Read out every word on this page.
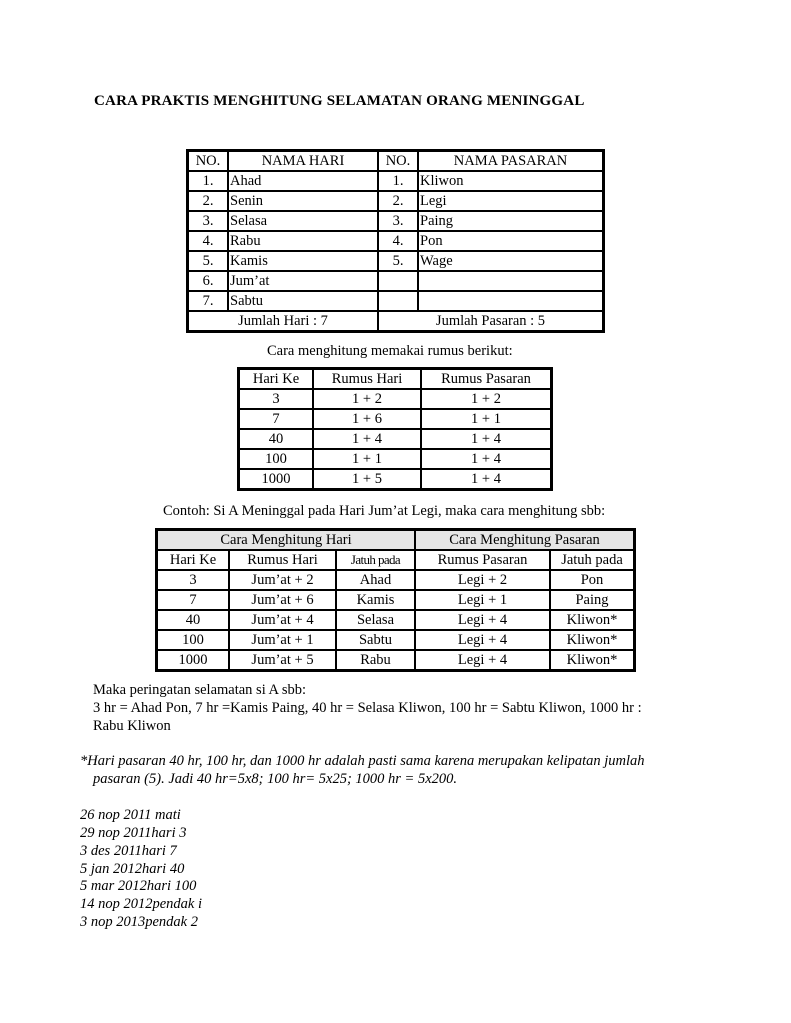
CARA PRAKTIS MENGHITUNG SELAMATAN ORANG MENINGGAL
NO.	NAMA HARI	NO.	NAMA PASARAN
1.	Ahad	1.	Kliwon
2.	Senin	2.	Legi
3.	Selasa	3.	Paing
4.	Rabu	4.	Pon
5.	Kamis	5.	Wage
6.	Jum’at		
7.	Sabtu		
Jumlah Hari : 7		Jumlah Pasaran : 5	

Cara menghitung memakai rumus berikut:

Hari Ke	Rumus Hari	Rumus Pasaran
3	1 + 2	1 + 2
7	1 + 6	1 + 1
40	1 + 4	1 + 4
100	1 + 1	1 + 4
1000	1 + 5	1 + 4

Contoh: Si A Meninggal pada Hari Jum’at Legi, maka cara menghitung sbb:

Cara Menghitung Hari			Cara Menghitung Pasaran	
Hari Ke	Rumus Hari	Jatuh pada	Rumus Pasaran	Jatuh pada
3	Jum’at + 2	Ahad	Legi + 2	Pon
7	Jum’at + 6	Kamis	Legi + 1	Paing
40	Jum’at + 4	Selasa	Legi + 4	Kliwon*
100	Jum’at + 1	Sabtu	Legi + 4	Kliwon*
1000	Jum’at + 5	Rabu	Legi + 4	Kliwon*

Maka peringatan selamatan si A sbb:

3 hr = Ahad Pon, 7 hr =Kamis Paing, 40 hr = Selasa Kliwon, 100 hr = Sabtu Kliwon, 1000 hr :

Rabu Kliwon

*Hari pasaran 40 hr, 100 hr, dan 1000 hr adalah pasti sama karena merupakan kelipatan jumlah

pasaran (5). Jadi 40 hr=5x8; 100 hr= 5x25; 1000 hr = 5x200.

26 nop 2011 mati

29 nop 2011hari 3

3 des 2011hari 7

5 jan 2012hari 40

5 mar 2012hari 100

14 nop 2012pendak i

3 nop 2013pendak 2
